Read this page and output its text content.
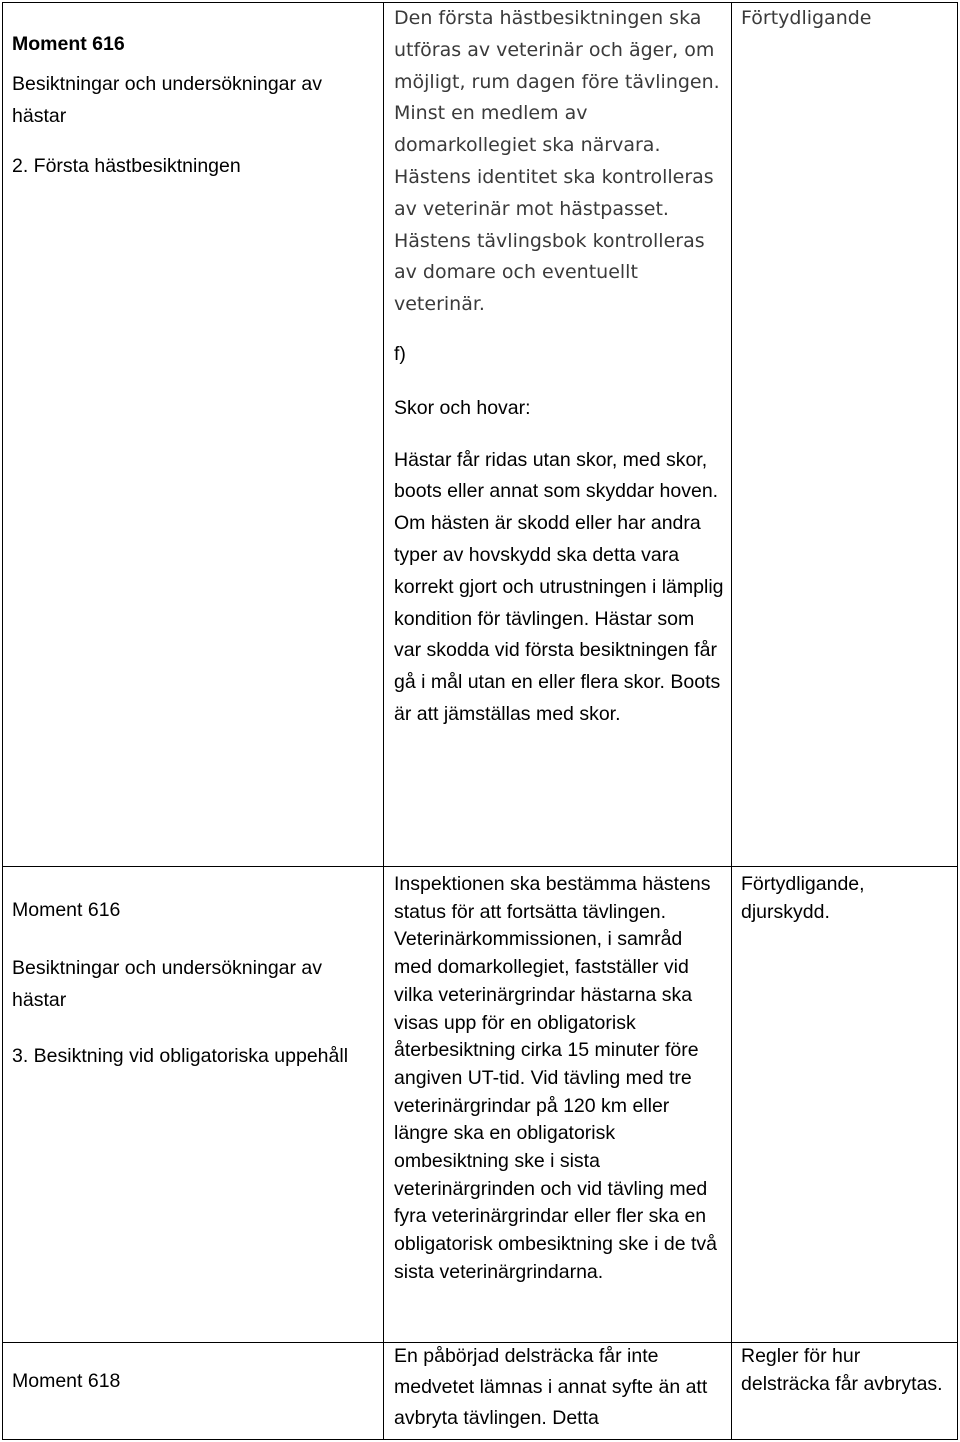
Moment 616

Besiktningar och undersökningar av hästar

2. Första hästbesiktningen

Den första hästbesiktningen ska utföras av veterinär och äger, om möjligt, rum dagen före tävlingen. Minst en medlem av domarkollegiet ska närvara. Hästens identitet ska kontrolleras av veterinär mot hästpasset. Hästens tävlingsbok kontrolleras av domare och eventuellt veterinär.

f)

Skor och hovar:

Hästar får ridas utan skor, med skor, boots eller annat som skyddar hoven. Om hästen är skodd eller har andra typer av hovskydd ska detta vara korrekt gjort och utrustningen i lämplig kondition för tävlingen. Hästar som var skodda vid första besiktningen får gå i mål utan en eller flera skor. Boots är att jämställas med skor.

Förtydligande

Moment 616

Besiktningar och undersökningar av hästar

3. Besiktning vid obligatoriska uppehåll

Inspektionen ska bestämma hästens status för att fortsätta tävlingen. Veterinärkommissionen, i samråd med domarkollegiet, fastställer vid vilka veterinärgrindar hästarna ska visas upp för en obligatorisk återbesiktning cirka 15 minuter före angiven UT-tid. Vid tävling med tre veterinärgrindar på 120 km eller längre ska en obligatorisk ombesiktning ske i sista veterinärgrinden och vid tävling med fyra veterinärgrindar eller fler ska en obligatorisk ombesiktning ske i de två sista veterinärgrindarna.

Förtydligande, djurskydd.

Moment 618

En påbörjad delsträcka får inte medvetet lämnas i annat syfte än att avbryta tävlingen. Detta

Regler för hur delsträcka får avbrytas.
